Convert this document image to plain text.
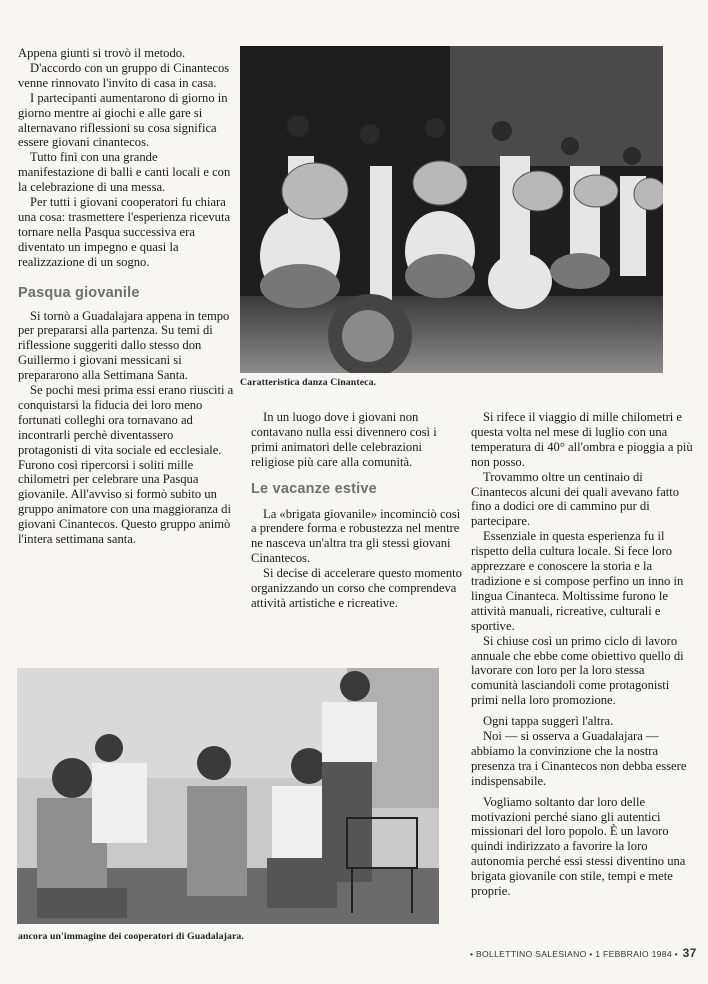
Appena giunti si trovò il metodo.

D'accordo con un gruppo di Cinantecos venne rinnovato l'invito di casa in casa.

I partecipanti aumentarono di giorno in giorno mentre ai giochi e alle gare si alternavano riflessioni su cosa significa essere giovani cinantecos.

Tutto finì con una grande manifestazione di balli e canti locali e con la celebrazione di una messa.

Per tutti i giovani cooperatori fu chiara una cosa: trasmettere l'esperienza ricevuta tornare nella Pasqua successiva era diventato un impegno e quasi la realizzazione di un sogno.

Pasqua giovanile

Si tornò a Guadalajara appena in tempo per prepararsi alla partenza. Su temi di riflessione suggeriti dallo stesso don Guillermo i giovani messicani si prepararono alla Settimana Santa.

Se pochi mesi prima essi erano riusciti a conquistarsi la fiducia dei loro meno fortunati colleghi ora tornavano ad incontrarli perchè diventassero protagonisti di vita sociale ed ecclesiale. Furono così ripercorsi i soliti mille chilometri per celebrare una Pasqua giovanile. All'avviso si formò subito un gruppo animatore con una maggioranza di giovani Cinantecos. Questo gruppo animò l'intera settimana santa.

Caratteristica danza Cinanteca.

In un luogo dove i giovani non contavano nulla essi divennero così i primi animatori delle celebrazioni religiose più care alla comunità.

Le vacanze estive

La «brigata giovanile» incominciò così a prendere forma e robustezza nel mentre ne nasceva un'altra tra gli stessi giovani Cinantecos.

Si decise di accelerare questo momento organizzando un corso che comprendeva attività artistiche e ricreative.

Si rifece il viaggio di mille chilometri e questa volta nel mese di luglio con una temperatura di 40° all'ombra e pioggia a più non posso.

Trovammo oltre un centinaio di Cinantecos alcuni dei quali avevano fatto fino a dodici ore di cammino pur di partecipare.

Essenziale in questa esperienza fu il rispetto della cultura locale. Si fece loro apprezzare e conoscere la storia e la tradizione e si compose perfino un inno in lingua Cinanteca. Moltissime furono le attività manuali, ricreative, culturali e sportive.

Si chiuse così un primo ciclo di lavoro annuale che ebbe come obiettivo quello di lavorare con loro per la loro stessa comunità lasciandoli come protagonisti primi nella loro promozione.

Ogni tappa suggerì l'altra.

Noi — si osserva a Guadalajara — abbiamo la convinzione che la nostra presenza tra i Cinantecos non debba essere indispensabile.

Vogliamo soltanto dar loro delle motivazioni perché siano gli autentici missionari del loro popolo. È un lavoro quindi indirizzato a favorire la loro autonomia perché essi stessi diventino una brigata giovanile con stile, tempi e mete proprie.

ancora un'immagine dei cooperatori di Guadalajara.
• BOLLETTINO SALESIANO • 1 FEBBRAIO 1984 • 37
